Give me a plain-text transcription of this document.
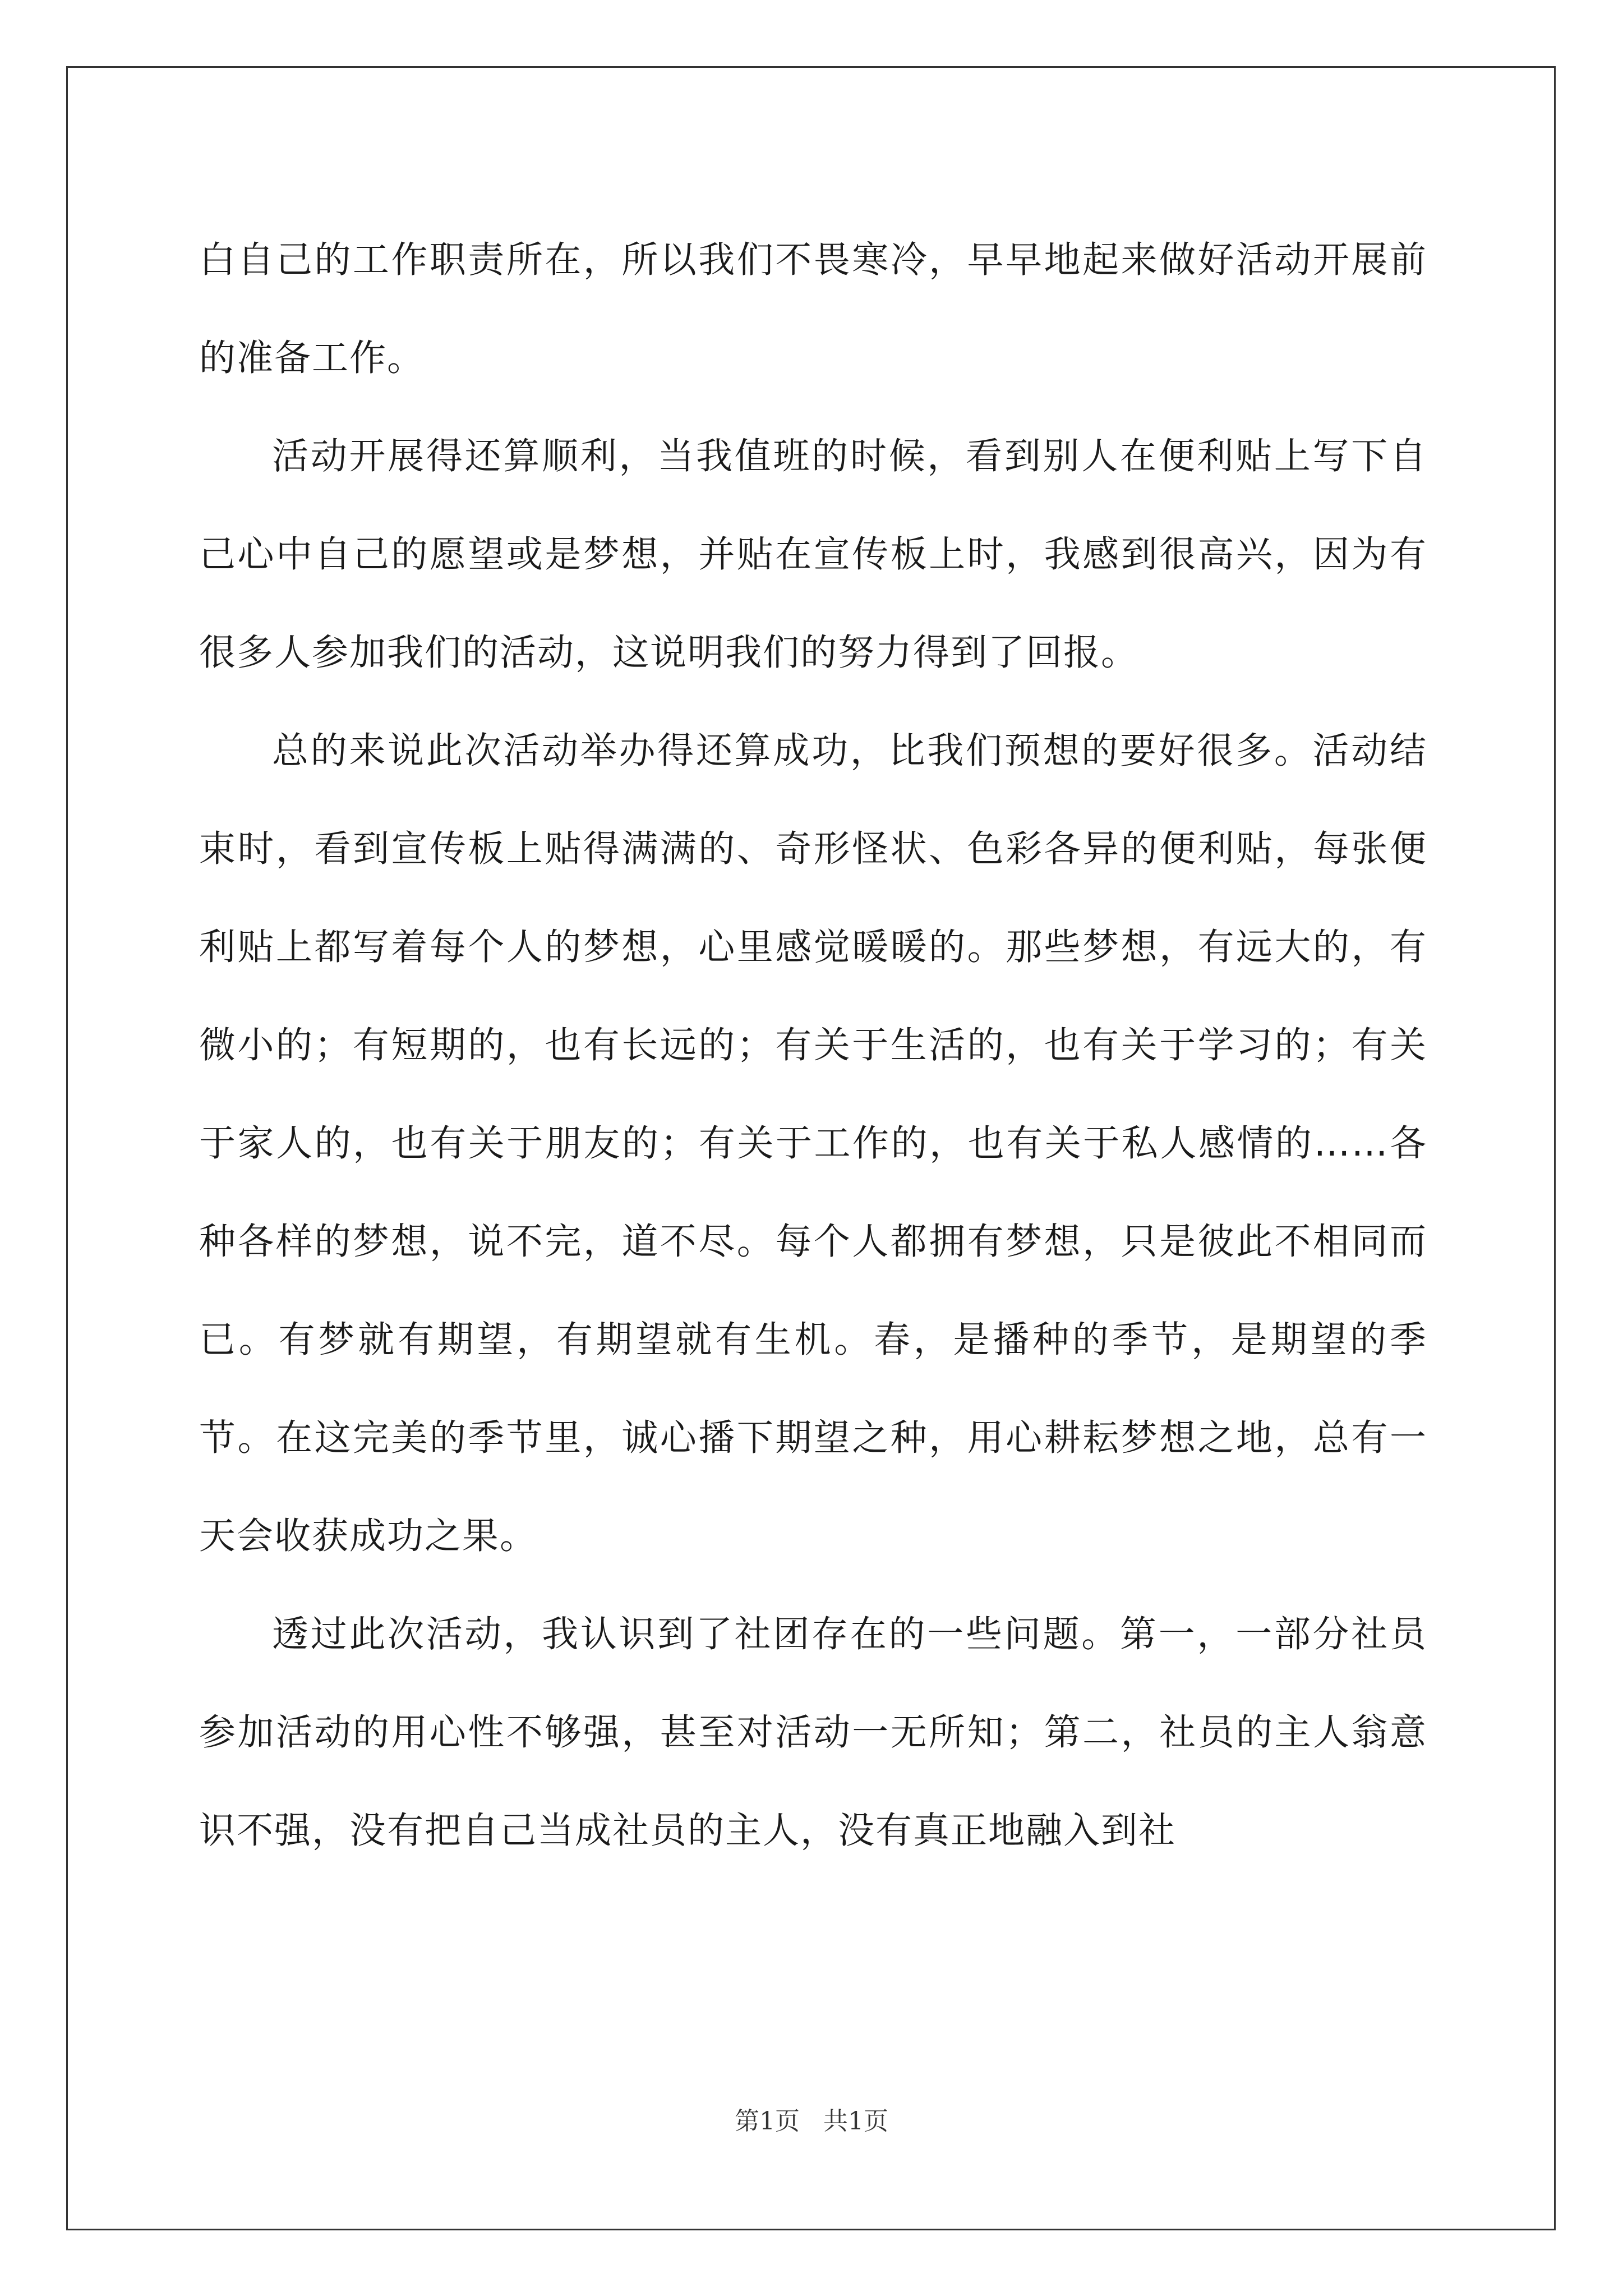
白自己的工作职责所在，所以我们不畏寒冷，早早地起来做好活动开展前的准备工作。

活动开展得还算顺利，当我值班的时候，看到别人在便利贴上写下自己心中自己的愿望或是梦想，并贴在宣传板上时，我感到很高兴，因为有很多人参加我们的活动，这说明我们的努力得到了回报。

总的来说此次活动举办得还算成功，比我们预想的要好很多。活动结束时，看到宣传板上贴得满满的、奇形怪状、色彩各异的便利贴，每张便利贴上都写着每个人的梦想，心里感觉暖暖的。那些梦想，有远大的，有微小的；有短期的，也有长远的；有关于生活的，也有关于学习的；有关于家人的，也有关于朋友的；有关于工作的，也有关于私人感情的……各种各样的梦想，说不完，道不尽。每个人都拥有梦想，只是彼此不相同而已。有梦就有期望，有期望就有生机。春，是播种的季节，是期望的季节。在这完美的季节里，诚心播下期望之种，用心耕耘梦想之地，总有一天会收获成功之果。

透过此次活动，我认识到了社团存在的一些问题。第一，一部分社员参加活动的用心性不够强，甚至对活动一无所知；第二，社员的主人翁意识不强，没有把自己当成社员的主人，没有真正地融入到社

第1页   共1页
